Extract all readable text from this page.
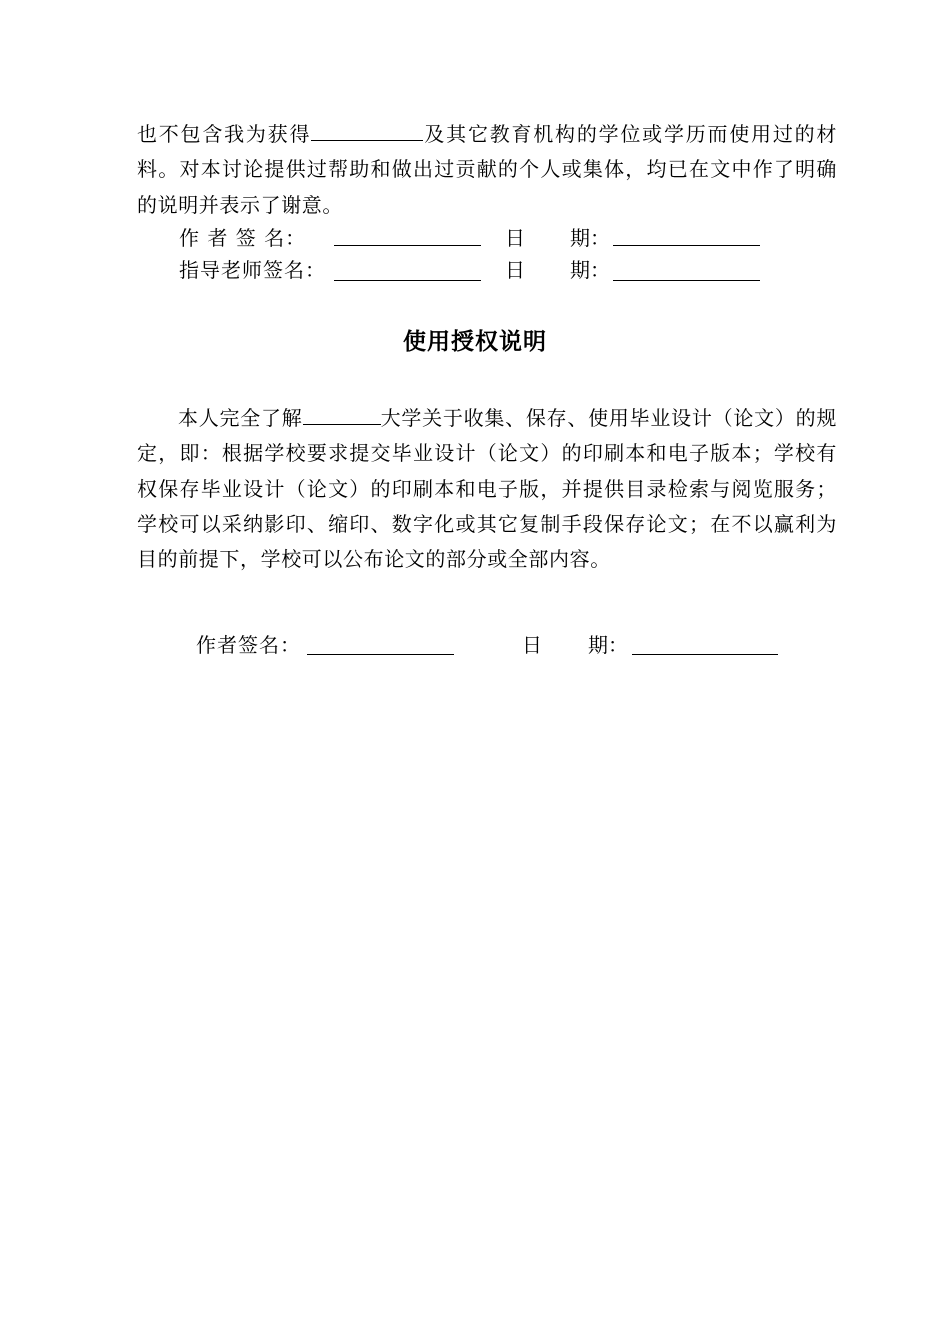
也不包含我为获得	及其它教育机构的学位或学历而使用过的材料。对本讨论提供过帮助和做出过贡献的个人或集体，均已在文中作了明确的说明并表示了谢意。

作 者 签 名：	日 期：
指导老师签名：	日 期：
使用授权说明

本人完全了解	大学关于收集、保存、使用毕业设计（论文）的规定，即：根据学校要求提交毕业设计（论文）的印刷本和电子版本；学校有权保存毕业设计（论文）的印刷本和电子版，并提供目录检索与阅览服务；学校可以采纳影印、缩印、数字化或其它复制手段保存论文；在不以赢利为目的前提下，学校可以公布论文的部分或全部内容。

作者签名：	日 期：
